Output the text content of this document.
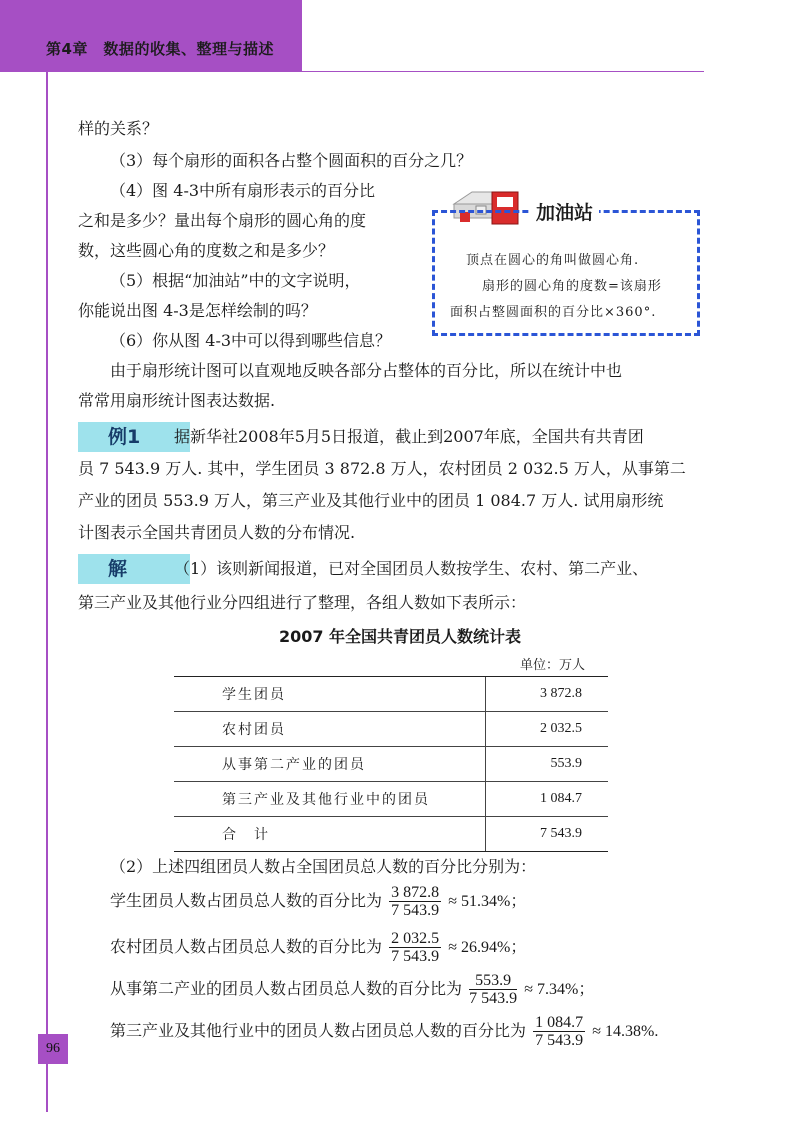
第4章　数据的收集、整理与描述
样的关系？
（3）每个扇形的面积各占整个圆面积的百分之几？
（4）图 4-3中所有扇形表示的百分比
之和是多少？量出每个扇形的圆心角的度
数，这些圆心角的度数之和是多少？
（5）根据“加油站”中的文字说明，
你能说出图 4-3是怎样绘制的吗？
（6）你从图 4-3中可以得到哪些信息？
由于扇形统计图可以直观地反映各部分占整体的百分比，所以在统计中也
常常用扇形统计图表达数据.
加油站
顶点在圆心的角叫做圆心角.
扇形的圆心角的度数=该扇形
面积占整圆面积的百分比×360°.
例1	据新华社2008年5月5日报道，截止到2007年底，全国共有共青团
员 7 543.9 万人. 其中，学生团员 3 872.8 万人，农村团员 2 032.5 万人，从事第二
产业的团员 553.9 万人，第三产业及其他行业中的团员 1 084.7 万人. 试用扇形统
计图表示全国共青团员人数的分布情况.
解	（1）该则新闻报道，已对全国团员人数按学生、农村、第二产业、
第三产业及其他行业分四组进行了整理，各组人数如下表所示：
2007 年全国共青团员人数统计表
单位：万人
学生团员	3 872.8
农村团员	2 032.5
从事第二产业的团员	553.9
第三产业及其他行业中的团员	1 084.7
合　计	7 543.9
（2）上述四组团员人数占全国团员总人数的百分比分别为：
学生团员人数占团员总人数的百分比为 $\frac{3 872.8}{7 543.9} \approx 51.34\%$；
农村团员人数占团员总人数的百分比为 $\frac{2 032.5}{7 543.9} \approx 26.94\%$；
从事第二产业的团员人数占团员总人数的百分比为 $\frac{553.9}{7 543.9} \approx 7.34\%$；
第三产业及其他行业中的团员人数占团员总人数的百分比为 $\frac{1 084.7}{7 543.9} \approx 14.38\%$.
96
